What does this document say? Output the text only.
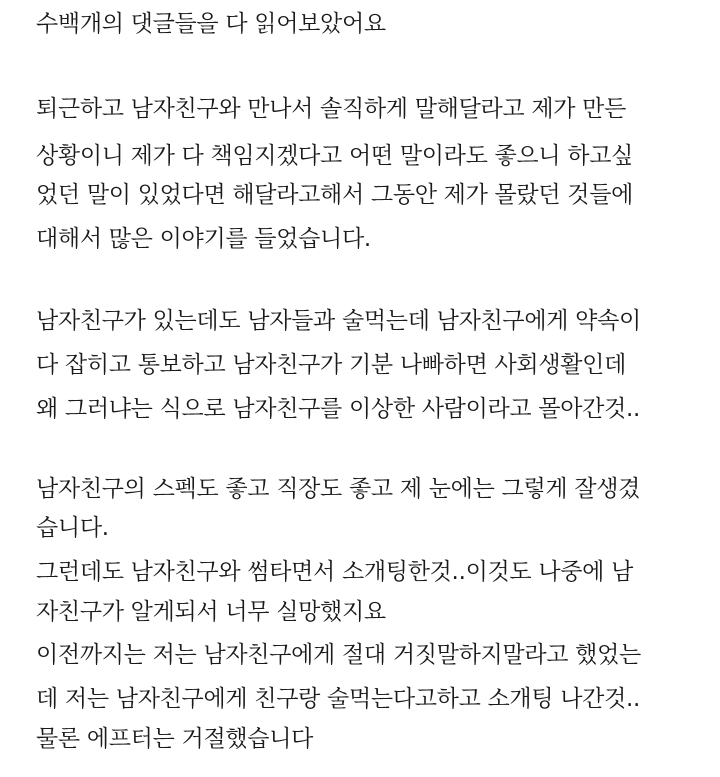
수백개의 댓글들을 다 읽어보았어요
퇴근하고 남자친구와 만나서 솔직하게 말해달라고 제가 만든
상황이니 제가 다 책임지겠다고 어떤 말이라도 좋으니 하고싶
었던 말이 있었다면 해달라고해서 그동안 제가 몰랐던 것들에
대해서 많은 이야기를 들었습니다.
남자친구가 있는데도 남자들과 술먹는데 남자친구에게 약속이
다 잡히고 통보하고 남자친구가 기분 나빠하면 사회생활인데
왜 그러냐는 식으로 남자친구를 이상한 사람이라고 몰아간것..
남자친구의 스펙도 좋고 직장도 좋고 제 눈에는 그렇게 잘생겼
습니다.
그런데도 남자친구와 썸타면서 소개팅한것..이것도 나중에 남
자친구가 알게되서 너무 실망했지요
이전까지는 저는 남자친구에게 절대 거짓말하지말라고 했었는
데 저는 남자친구에게 친구랑 술먹는다고하고 소개팅 나간것..
물론 에프터는 거절했습니다
